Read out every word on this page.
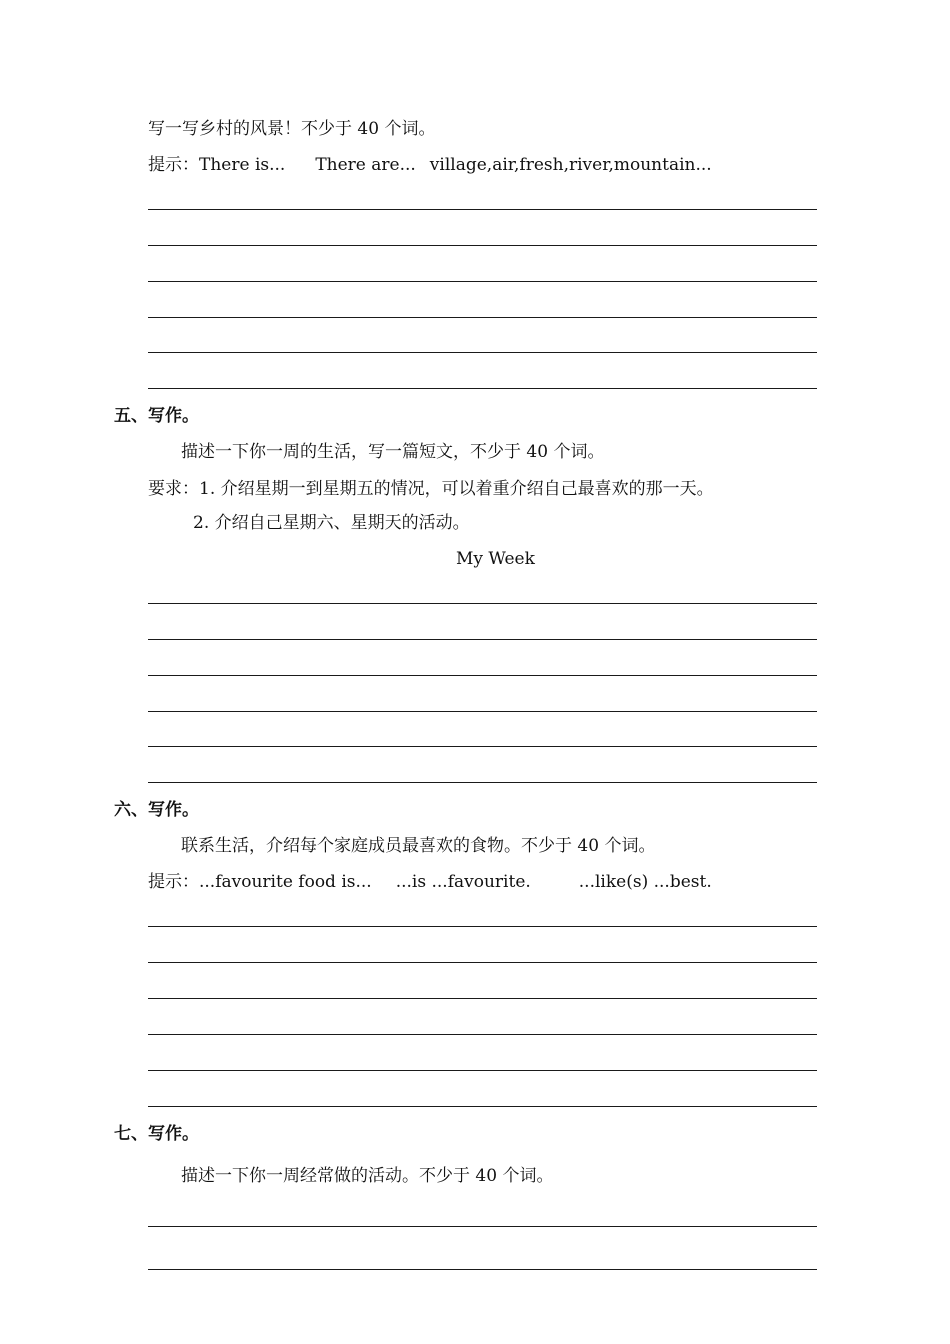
写一写乡村的风景！不少于 40 个词。
提示：There is... There are... village,air,fresh,river,mountain...
五、写作。
描述一下你一周的生活，写一篇短文，不少于 40 个词。
要求：1. 介绍星期一到星期五的情况，可以着重介绍自己最喜欢的那一天。
2. 介绍自己星期六、星期天的活动。
My Week
六、写作。
联系生活，介绍每个家庭成员最喜欢的食物。不少于 40 个词。
提示：...favourite food is... ...is ...favourite.	...like(s) ...best.
七、写作。
描述一下你一周经常做的活动。不少于 40 个词。
